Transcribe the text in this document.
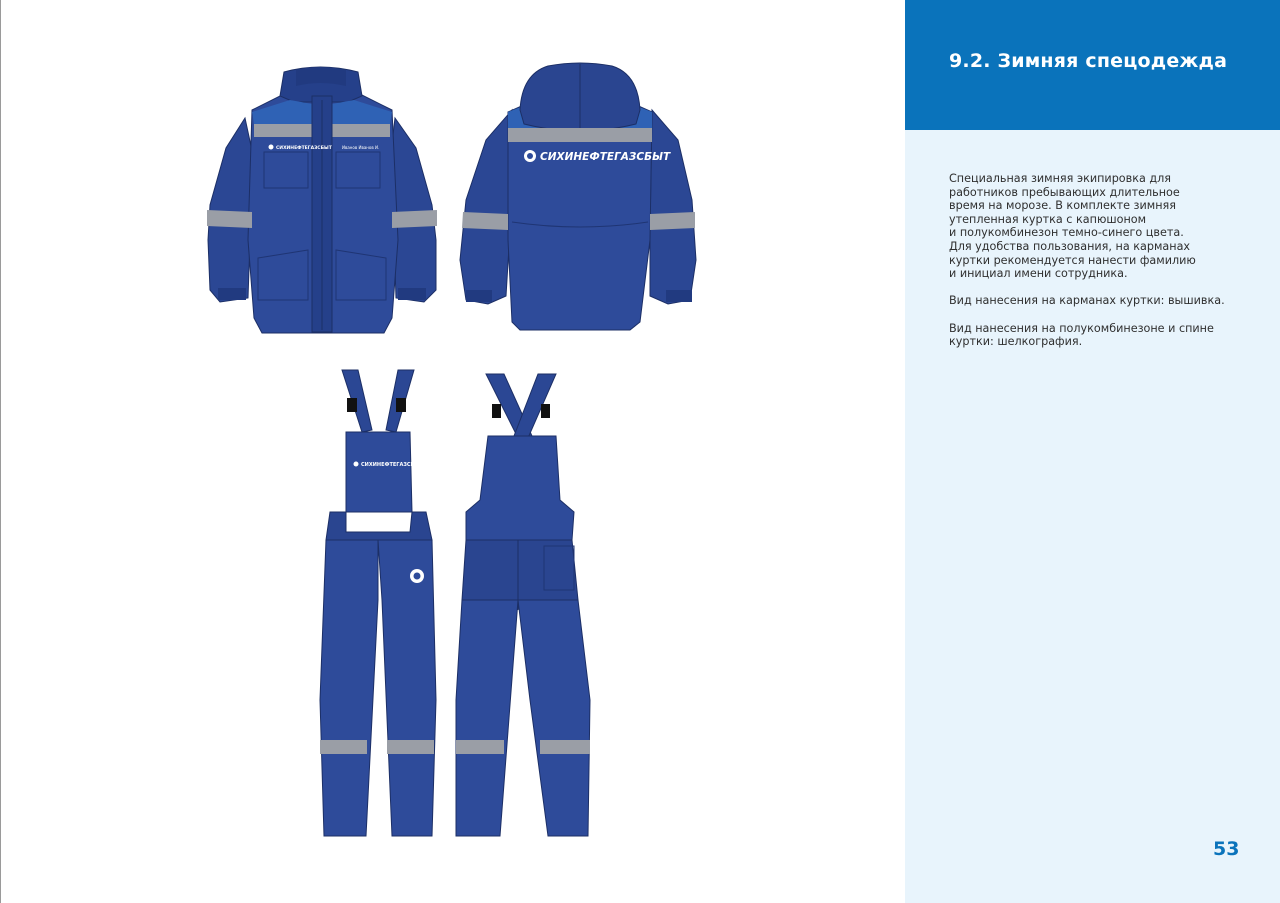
СИХИНЕФТЕГАЗСБЫТ	Иванов Иванов И.
СИХИНЕФТЕГАЗСБЫТ
СИХИНЕФТЕГАЗСБЫТ
9.2. Зимняя спецодежда

Специальная зимняя экипировка для
работников пребывающих длительное
время на морозе. В комплекте зимняя
утепленная куртка с капюшоном
и полукомбинезон темно-синего цвета.
Для удобства пользования, на карманах
куртки рекомендуется нанести фамилию
и инициал имени сотрудника.

Вид нанесения на карманах куртки: вышивка.

Вид нанесения на полукомбинезоне и спине
куртки: шелкография.

53
